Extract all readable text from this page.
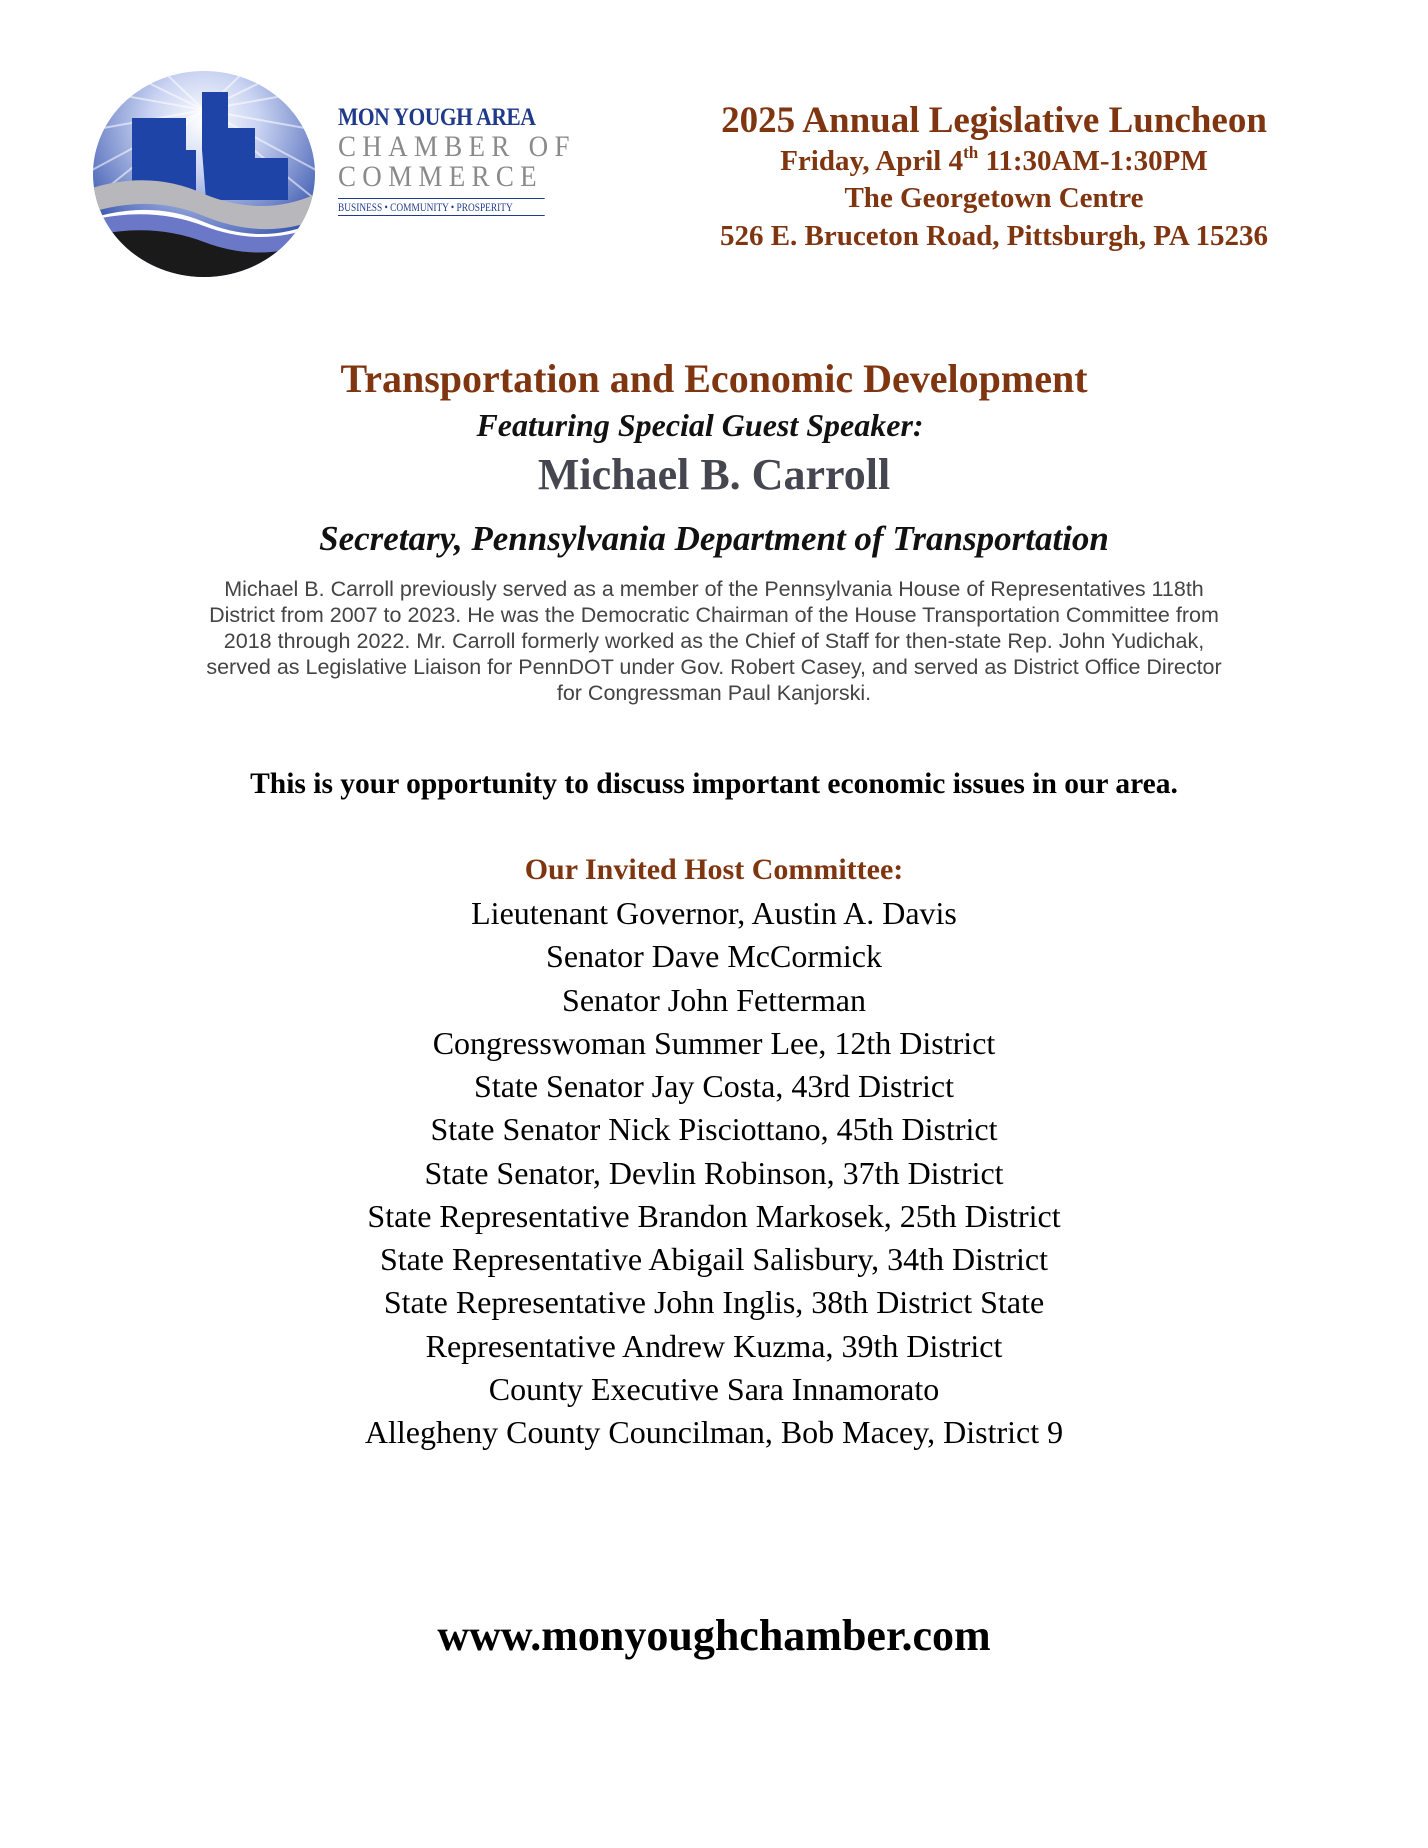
MON YOUGH AREA
CHAMBER OF
COMMERCE
BUSINESS • COMMUNITY • PROSPERITY
2025 Annual Legislative Luncheon
Friday, April 4th 11:30AM-1:30PM
The Georgetown Centre
526 E. Bruceton Road, Pittsburgh, PA 15236
Transportation and Economic Development
Featuring Special Guest Speaker:
Michael B. Carroll
Secretary, Pennsylvania Department of Transportation
Michael B. Carroll previously served as a member of the Pennsylvania House of Representatives 118th
District from 2007 to 2023. He was the Democratic Chairman of the House Transportation Committee from
2018 through 2022. Mr. Carroll formerly worked as the Chief of Staff for then-state Rep. John Yudichak,
served as Legislative Liaison for PennDOT under Gov. Robert Casey, and served as District Office Director
for Congressman Paul Kanjorski.
This is your opportunity to discuss important economic issues in our area.
Our Invited Host Committee:
Lieutenant Governor, Austin A. Davis
Senator Dave McCormick
Senator John Fetterman
Congresswoman Summer Lee, 12th District
State Senator Jay Costa, 43rd District
State Senator Nick Pisciottano, 45th District
State Senator, Devlin Robinson, 37th District
State Representative Brandon Markosek, 25th District
State Representative Abigail Salisbury, 34th District
State Representative John Inglis, 38th District State
Representative Andrew Kuzma, 39th District
County Executive Sara Innamorato
Allegheny County Councilman, Bob Macey, District 9
www.monyoughchamber.com
